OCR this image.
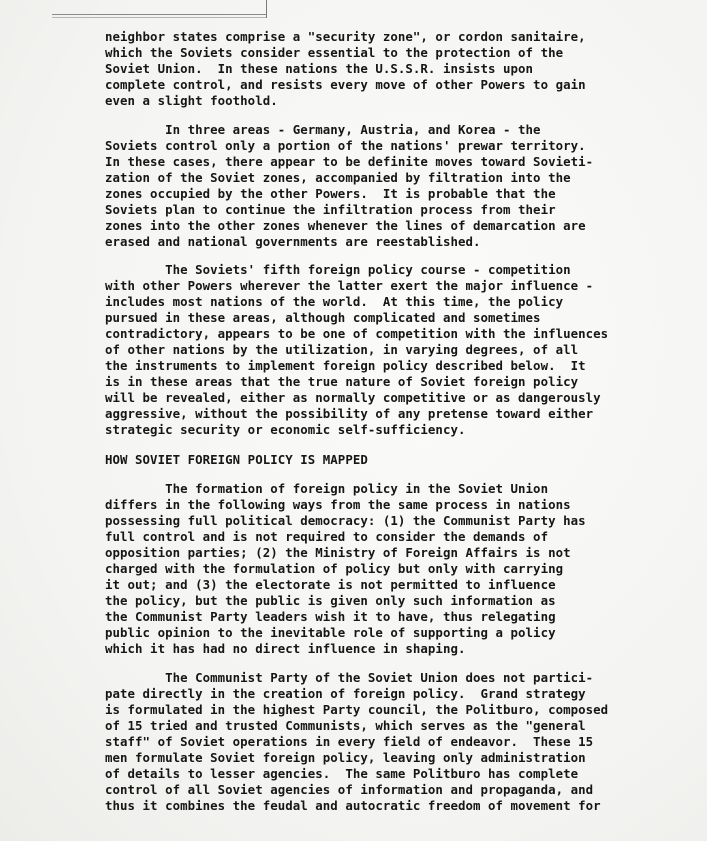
neighbor states comprise a "security zone", or cordon sanitaire,
which the Soviets consider essential to the protection of the
Soviet Union.  In these nations the U.S.S.R. insists upon
complete control, and resists every move of other Powers to gain
even a slight foothold.
In three areas - Germany, Austria, and Korea - the
Soviets control only a portion of the nations' prewar territory.
In these cases, there appear to be definite moves toward Sovieti-
zation of the Soviet zones, accompanied by filtration into the
zones occupied by the other Powers.  It is probable that the
Soviets plan to continue the infiltration process from their
zones into the other zones whenever the lines of demarcation are
erased and national governments are reestablished.
The Soviets' fifth foreign policy course - competition
with other Powers wherever the latter exert the major influence -
includes most nations of the world.  At this time, the policy
pursued in these areas, although complicated and sometimes
contradictory, appears to be one of competition with the influences
of other nations by the utilization, in varying degrees, of all
the instruments to implement foreign policy described below.  It
is in these areas that the true nature of Soviet foreign policy
will be revealed, either as normally competitive or as dangerously
aggressive, without the possibility of any pretense toward either
strategic security or economic self-sufficiency.
HOW SOVIET FOREIGN POLICY IS MAPPED
The formation of foreign policy in the Soviet Union
differs in the following ways from the same process in nations
possessing full political democracy: (1) the Communist Party has
full control and is not required to consider the demands of
opposition parties; (2) the Ministry of Foreign Affairs is not
charged with the formulation of policy but only with carrying
it out; and (3) the electorate is not permitted to influence
the policy, but the public is given only such information as
the Communist Party leaders wish it to have, thus relegating
public opinion to the inevitable role of supporting a policy
which it has had no direct influence in shaping.
The Communist Party of the Soviet Union does not partici-
pate directly in the creation of foreign policy.  Grand strategy
is formulated in the highest Party council, the Politburo, composed
of 15 tried and trusted Communists, which serves as the "general
staff" of Soviet operations in every field of endeavor.  These 15
men formulate Soviet foreign policy, leaving only administration
of details to lesser agencies.  The same Politburo has complete
control of all Soviet agencies of information and propaganda, and
thus it combines the feudal and autocratic freedom of movement for
